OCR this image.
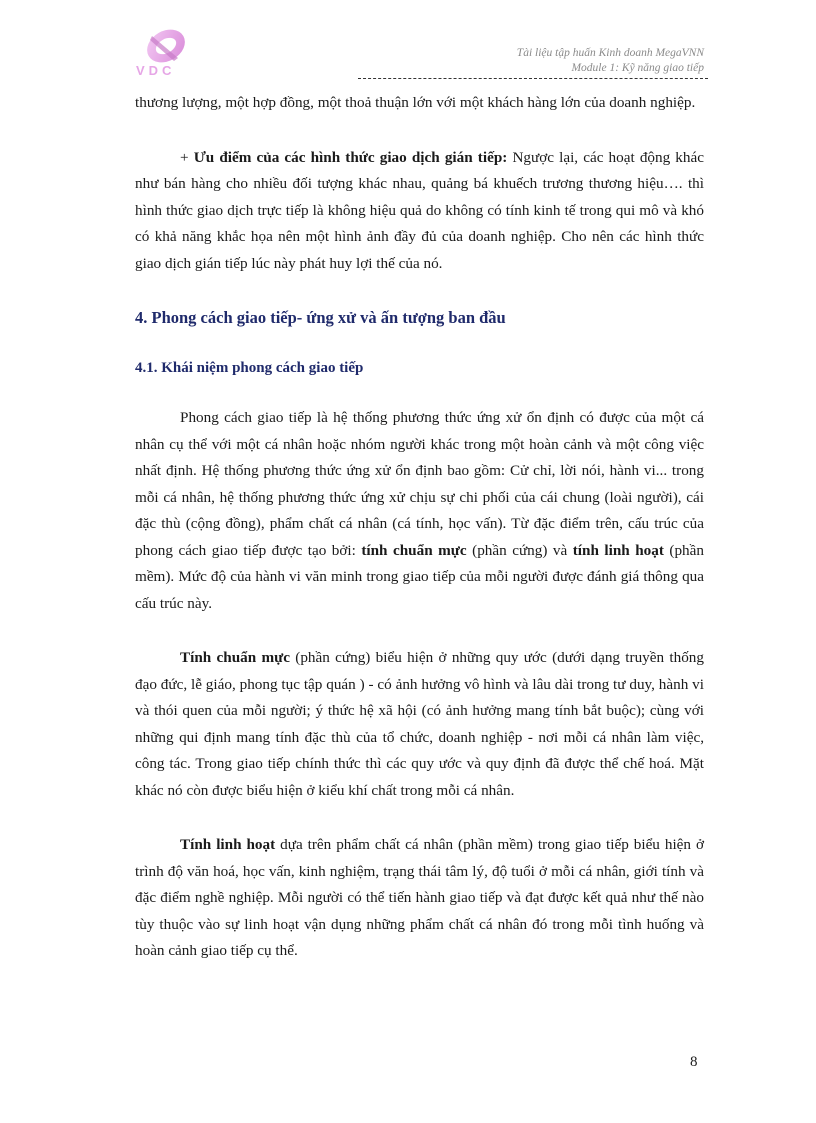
VDC
Tài liệu tập huấn Kinh doanh MegaVNN
Module 1: Kỹ năng giao tiếp

thương lượng, một hợp đồng, một thoả thuận lớn với một khách hàng lớn của doanh nghiệp.

+ Ưu điểm của các hình thức giao dịch gián tiếp: Ngược lại, các hoạt động khác như bán hàng cho nhiều đối tượng khác nhau, quảng bá khuếch trương thương hiệu…. thì hình thức giao dịch trực tiếp là không hiệu quả do không có tính kinh tế trong qui mô và khó có khả năng khắc họa nên một hình ảnh đầy đủ của doanh nghiệp. Cho nên các hình thức giao dịch gián tiếp lúc này phát huy lợi thế của nó.

4. Phong cách giao tiếp- ứng xử và ấn tượng ban đầu
4.1. Khái niệm phong cách giao tiếp

Phong cách giao tiếp là hệ thống phương thức ứng xử ổn định có được của một cá nhân cụ thể với một cá nhân hoặc nhóm người khác trong một hoàn cảnh và một công việc nhất định. Hệ thống phương thức ứng xử ổn định bao gồm: Cử chỉ, lời nói, hành vi... trong mỗi cá nhân, hệ thống phương thức ứng xử chịu sự chi phối của cái chung (loài người), cái đặc thù (cộng đồng), phẩm chất cá nhân (cá tính, học vấn). Từ đặc điểm trên, cấu trúc của phong cách giao tiếp được tạo bởi: tính chuẩn mực (phần cứng) và tính linh hoạt (phần mềm). Mức độ của hành vi văn minh trong giao tiếp của mỗi người được đánh giá thông qua cấu trúc này.

Tính chuẩn mực (phần cứng) biểu hiện ở những quy ước (dưới dạng truyền thống đạo đức, lễ giáo, phong tục tập quán ) - có ảnh hưởng vô hình và lâu dài trong tư duy, hành vi và thói quen của mỗi người; ý thức hệ xã hội (có ảnh hưởng mang tính bắt buộc); cùng với những qui định mang tính đặc thù của tổ chức, doanh nghiệp - nơi mỗi cá nhân làm việc, công tác. Trong giao tiếp chính thức thì các quy ước và quy định đã được thể chế hoá. Mặt khác nó còn được biểu hiện ở kiểu khí chất trong mỗi cá nhân.

Tính linh hoạt dựa trên phẩm chất cá nhân (phần mềm) trong giao tiếp biểu hiện ở trình độ văn hoá, học vấn, kinh nghiệm, trạng thái tâm lý, độ tuổi ở mỗi cá nhân, giới tính và đặc điểm nghề nghiệp. Mỗi người có thể tiến hành giao tiếp và đạt được kết quả như thế nào tùy thuộc vào sự linh hoạt vận dụng những phẩm chất cá nhân đó trong mỗi tình huống và hoàn cảnh giao tiếp cụ thể.

8
